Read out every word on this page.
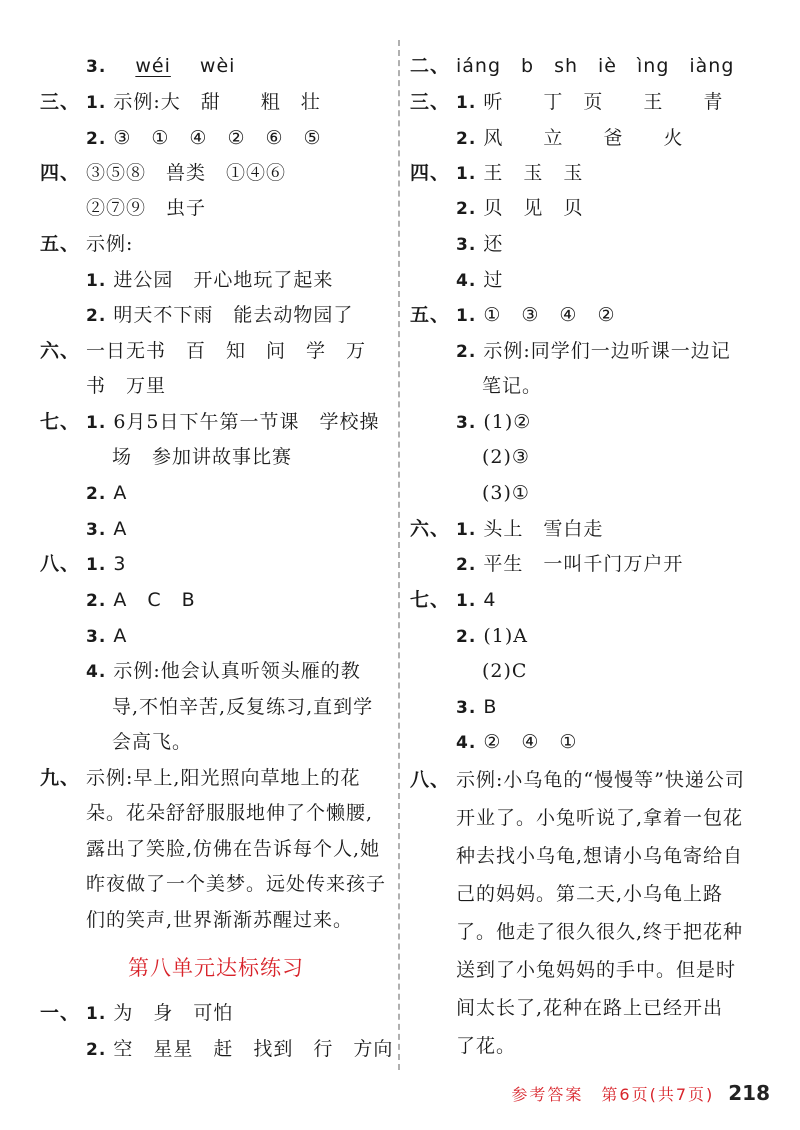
3. wéi wèi
三、 1. 示例:大　甜　　粗　壮
2. ③　①　④　②　⑥　⑤
四、 ③⑤⑧　兽类　①④⑥
②⑦⑨　虫子
五、 示例:
1. 进公园　开心地玩了起来
2. 明天不下雨　能去动物园了
六、 一日无书　百　知　问　学　万
书　万里
七、 1. 6月5日下午第一节课　学校操
场　参加讲故事比赛
2. A
3. A
八、 1. 3
2. A　C　B
3. A
4. 示例:他会认真听领头雁的教
导,不怕辛苦,反复练习,直到学
会高飞。
九、 示例:早上,阳光照向草地上的花
朵。花朵舒舒服服地伸了个懒腰,
露出了笑脸,仿佛在告诉每个人,她
昨夜做了一个美梦。远处传来孩子
们的笑声,世界渐渐苏醒过来。
第八单元达标练习
一、 1. 为　身　可怕
2. 空　星星　赶　找到　行　方向
二、 iáng　b　sh　iè　ìng　iàng
三、 1. 听　　丁　页　　王　　青
2. 风　　立　　爸　　火
四、 1. 王　玉　玉
2. 贝　见　贝
3. 还
4. 过
五、 1. ①　③　④　②
2. 示例:同学们一边听课一边记
笔记。
3. (1)②
(2)③
(3)①
六、 1. 头上　雪白走
2. 平生　一叫千门万户开
七、 1. 4
2. (1)A
(2)C
3. B
4. ②　④　①
八、 示例:小乌龟的“慢慢等”快递公司
开业了。小兔听说了,拿着一包花
种去找小乌龟,想请小乌龟寄给自
己的妈妈。第二天,小乌龟上路
了。他走了很久很久,终于把花种
送到了小兔妈妈的手中。但是时
间太长了,花种在路上已经开出
了花。
参考答案　第6页(共7页) 218
